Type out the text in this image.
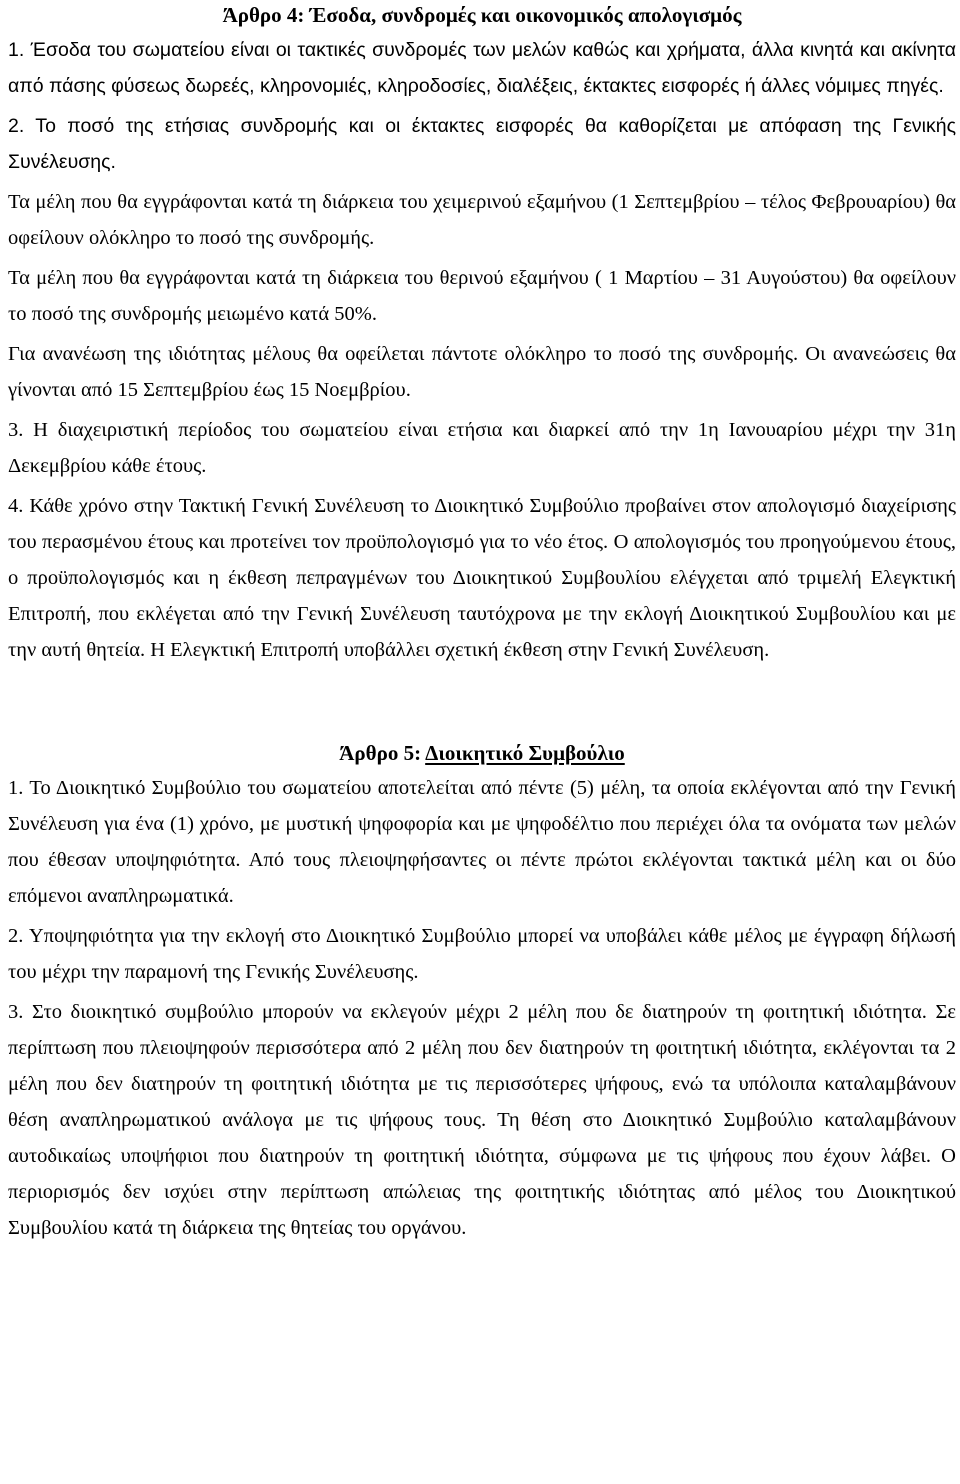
Άρθρο 4: Έσοδα, συνδρομές και οικονομικός απολογισμός

1. Έσοδα του σωματείου είναι οι τακτικές συνδρομές των μελών καθώς και χρήματα, άλλα κινητά και ακίνητα από πάσης φύσεως δωρεές, κληρονομιές, κληροδοσίες, διαλέξεις, έκτακτες εισφορές ή άλλες νόμιμες πηγές.

2. Το ποσό της ετήσιας συνδρομής και οι έκτακτες εισφορές θα καθορίζεται με απόφαση της Γενικής Συνέλευσης.

Τα μέλη που θα εγγράφονται κατά τη διάρκεια του χειμερινού εξαμήνου (1 Σεπτεμβρίου – τέλος Φεβρουαρίου) θα οφείλουν ολόκληρο το ποσό της συνδρομής.

Τα μέλη που θα εγγράφονται κατά τη διάρκεια του θερινού εξαμήνου ( 1 Μαρτίου – 31 Αυγούστου) θα οφείλουν το ποσό της συνδρομής μειωμένο κατά 50%.

Για ανανέωση της ιδιότητας μέλους θα οφείλεται πάντοτε ολόκληρο το ποσό της συνδρομής. Οι ανανεώσεις θα γίνονται από 15 Σεπτεμβρίου έως 15 Νοεμβρίου.

3. Η διαχειριστική περίοδος του σωματείου είναι ετήσια και διαρκεί από την 1η Ιανουαρίου μέχρι την 31η Δεκεμβρίου κάθε έτους.

4. Κάθε χρόνο στην Τακτική Γενική Συνέλευση το Διοικητικό Συμβούλιο προβαίνει στον απολογισμό διαχείρισης του περασμένου έτους και προτείνει τον προϋπολογισμό για το νέο έτος. Ο απολογισμός του προηγούμενου έτους, ο προϋπολογισμός και η έκθεση πεπραγμένων του Διοικητικού Συμβουλίου ελέγχεται από τριμελή Ελεγκτική Επιτροπή, που εκλέγεται από την Γενική Συνέλευση ταυτόχρονα με την εκλογή Διοικητικού Συμβουλίου και με την αυτή θητεία. Η Ελεγκτική Επιτροπή υποβάλλει σχετική έκθεση στην Γενική Συνέλευση.

Άρθρο 5: Διοικητικό Συμβούλιο

1. Το Διοικητικό Συμβούλιο του σωματείου αποτελείται από πέντε (5) μέλη, τα οποία εκλέγονται από την Γενική Συνέλευση για ένα (1) χρόνο, με μυστική ψηφοφορία και με ψηφοδέλτιο που περιέχει όλα τα ονόματα των μελών που έθεσαν υποψηφιότητα. Από τους πλειοψηφήσαντες οι πέντε πρώτοι εκλέγονται τακτικά μέλη και οι δύο επόμενοι αναπληρωματικά.

2. Υποψηφιότητα για την εκλογή στο Διοικητικό Συμβούλιο μπορεί να υποβάλει κάθε μέλος με έγγραφη δήλωσή του μέχρι την παραμονή της Γενικής Συνέλευσης.

3. Στο διοικητικό συμβούλιο μπορούν να εκλεγούν μέχρι 2 μέλη που δε διατηρούν τη φοιτητική ιδιότητα. Σε περίπτωση που πλειοψηφούν περισσότερα από 2 μέλη που δεν διατηρούν τη φοιτητική ιδιότητα, εκλέγονται τα 2 μέλη που δεν διατηρούν τη φοιτητική ιδιότητα με τις περισσότερες ψήφους, ενώ τα υπόλοιπα καταλαμβάνουν θέση αναπληρωματικού ανάλογα με τις ψήφους τους. Τη θέση στο Διοικητικό Συμβούλιο καταλαμβάνουν αυτοδικαίως υποψήφιοι που διατηρούν τη φοιτητική ιδιότητα, σύμφωνα με τις ψήφους που έχουν λάβει. Ο περιορισμός δεν ισχύει στην περίπτωση απώλειας της φοιτητικής ιδιότητας από μέλος του Διοικητικού Συμβουλίου κατά τη διάρκεια της θητείας του οργάνου.
